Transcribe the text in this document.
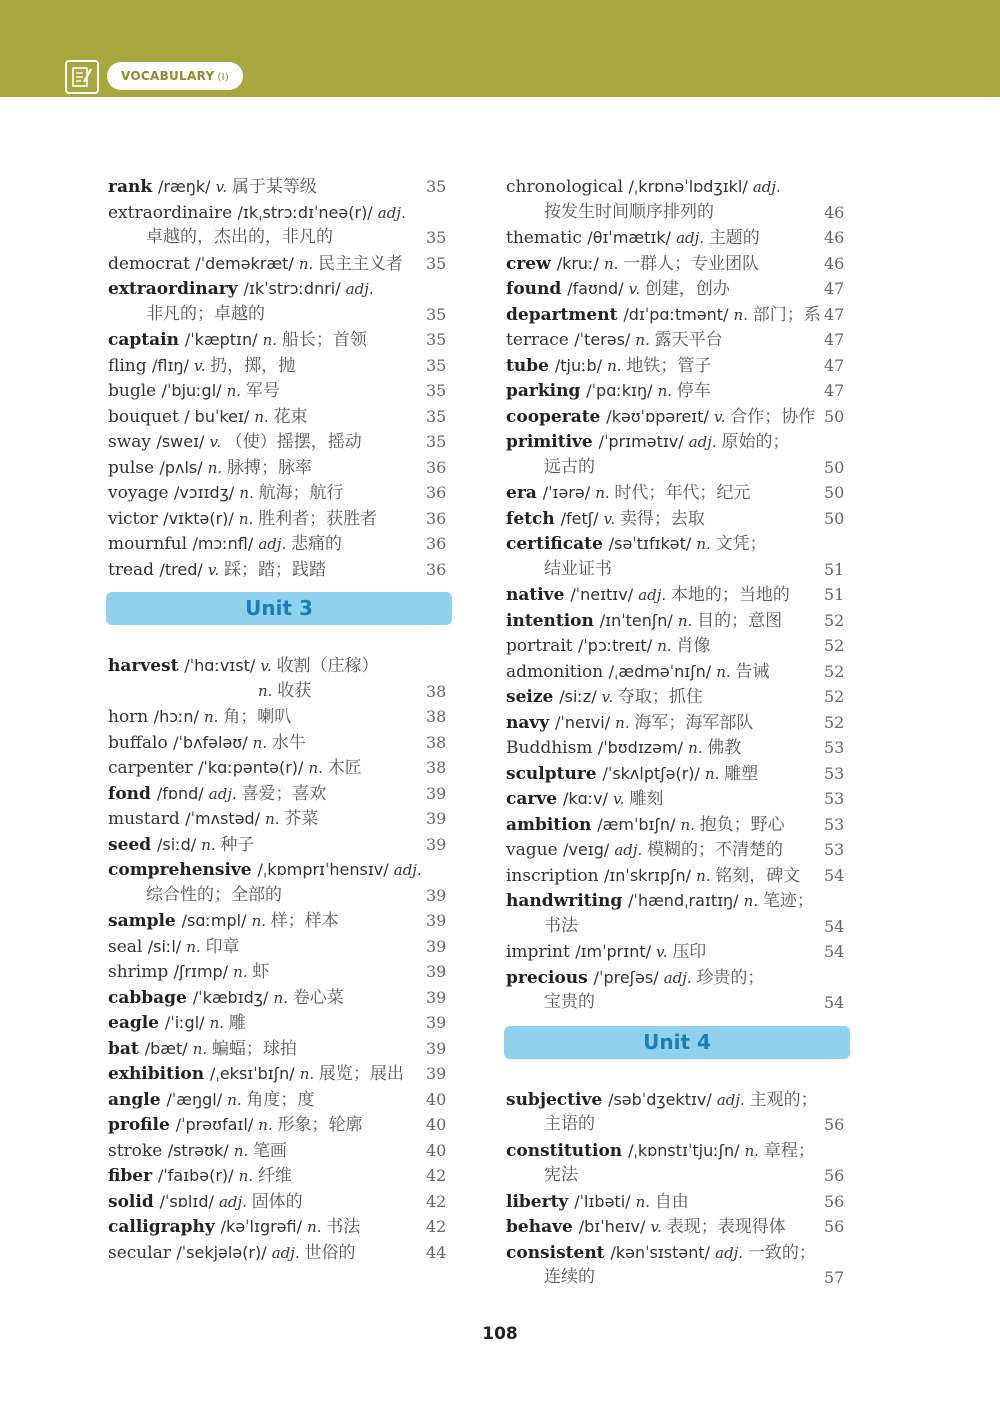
VOCABULARY (I)
rank /ræŋk/ v. 属于某等级	35
extraordinaire /ɪkˌstrɔːdɪˈneə(r)/ adj.
卓越的，杰出的，非凡的	35
democrat /ˈdeməkræt/ n. 民主主义者 35
extraordinary /ɪkˈstrɔːdnri/ adj.
非凡的；卓越的	35
captain /ˈkæptɪn/ n. 船长；首领	35
fling /flɪŋ/ v. 扔，掷，抛	35
bugle /ˈbjuːgl/ n. 军号	35
bouquet / buˈkeɪ/ n. 花束	35
sway /sweɪ/ v. （使）摇摆，摇动	35
pulse /pʌls/ n. 脉搏；脉率	36
voyage /vɔɪɪdʒ/ n. 航海；航行	36
victor /vɪktə(r)/ n. 胜利者；获胜者	36
mournful /mɔːnfl/ adj. 悲痛的	36
tread /tred/ v. 踩；踏；践踏	36
Unit 3
harvest /ˈhɑːvɪst/ v. 收割（庄稼）
n. 收获	38
horn /hɔːn/ n. 角；喇叭	38
buffalo /ˈbʌfələʊ/ n. 水牛	38
carpenter /ˈkɑːpəntə(r)/ n. 木匠	38
fond /fɒnd/ adj. 喜爱；喜欢	39
mustard /ˈmʌstəd/ n. 芥菜	39
seed /siːd/ n. 种子	39
comprehensive /ˌkɒmprɪˈhensɪv/ adj.
综合性的；全部的	39
sample /sɑːmpl/ n. 样；样本	39
seal /siːl/ n. 印章	39
shrimp /ʃrɪmp/ n. 虾	39
cabbage /ˈkæbɪdʒ/ n. 卷心菜	39
eagle /ˈiːgl/ n. 雕	39
bat /bæt/ n. 蝙蝠；球拍	39
exhibition /ˌeksɪˈbɪʃn/ n. 展览；展出 39
angle /ˈæŋgl/ n. 角度；度	40
profile /ˈprəʊfaɪl/ n. 形象；轮廓	40
stroke /strəʊk/ n. 笔画	40
fiber /ˈfaɪbə(r)/ n. 纤维	42
solid /ˈsɒlɪd/ adj. 固体的	42
calligraphy /kəˈlɪgrəfi/ n. 书法	42
secular /ˈsekjələ(r)/ adj. 世俗的	44
chronological /ˌkrɒnəˈlɒdʒɪkl/ adj.
按发生时间顺序排列的	46
thematic /θɪˈmætɪk/ adj. 主题的	46
crew /kruː/ n. 一群人；专业团队	46
found /faʊnd/ v. 创建，创办	47
department /dɪˈpɑːtmənt/ n. 部门；系 47
terrace /ˈterəs/ n. 露天平台	47
tube /tjuːb/ n. 地铁；管子	47
parking /ˈpɑːkɪŋ/ n. 停车	47
cooperate /kəʊˈɒpəreɪt/ v. 合作；协作 50
primitive /ˈprɪmətɪv/ adj. 原始的；
远古的	50
era /ˈɪərə/ n. 时代；年代；纪元	50
fetch /fetʃ/ v. 卖得；去取	50
certificate /səˈtɪfɪkət/ n. 文凭；
结业证书	51
native /ˈneɪtɪv/ adj. 本地的；当地的 51
intention /ɪnˈtenʃn/ n. 目的；意图	52
portrait /ˈpɔːtreɪt/ n. 肖像	52
admonition /ˌædməˈnɪʃn/ n. 告诫	52
seize /siːz/ v. 夺取；抓住	52
navy /ˈneɪvi/ n. 海军；海军部队	52
Buddhism /ˈbʊdɪzəm/ n. 佛教	53
sculpture /ˈskʌlptʃə(r)/ n. 雕塑	53
carve /kɑːv/ v. 雕刻	53
ambition /æmˈbɪʃn/ n. 抱负；野心 53
vague /veɪg/ adj. 模糊的；不清楚的	53
inscription /ɪnˈskrɪpʃn/ n. 铭刻，碑文 54
handwriting /ˈhændˌraɪtɪŋ/ n. 笔迹；
书法	54
imprint /ɪmˈprɪnt/ v. 压印	54
precious /ˈpreʃəs/ adj. 珍贵的；
宝贵的	54
Unit 4
subjective /səbˈdʒektɪv/ adj. 主观的；
主语的	56
constitution /ˌkɒnstɪˈtjuːʃn/ n. 章程；
宪法	56
liberty /ˈlɪbəti/ n. 自由	56
behave /bɪˈheɪv/ v. 表现；表现得体 56
consistent /kənˈsɪstənt/ adj. 一致的；
连续的	57
108
